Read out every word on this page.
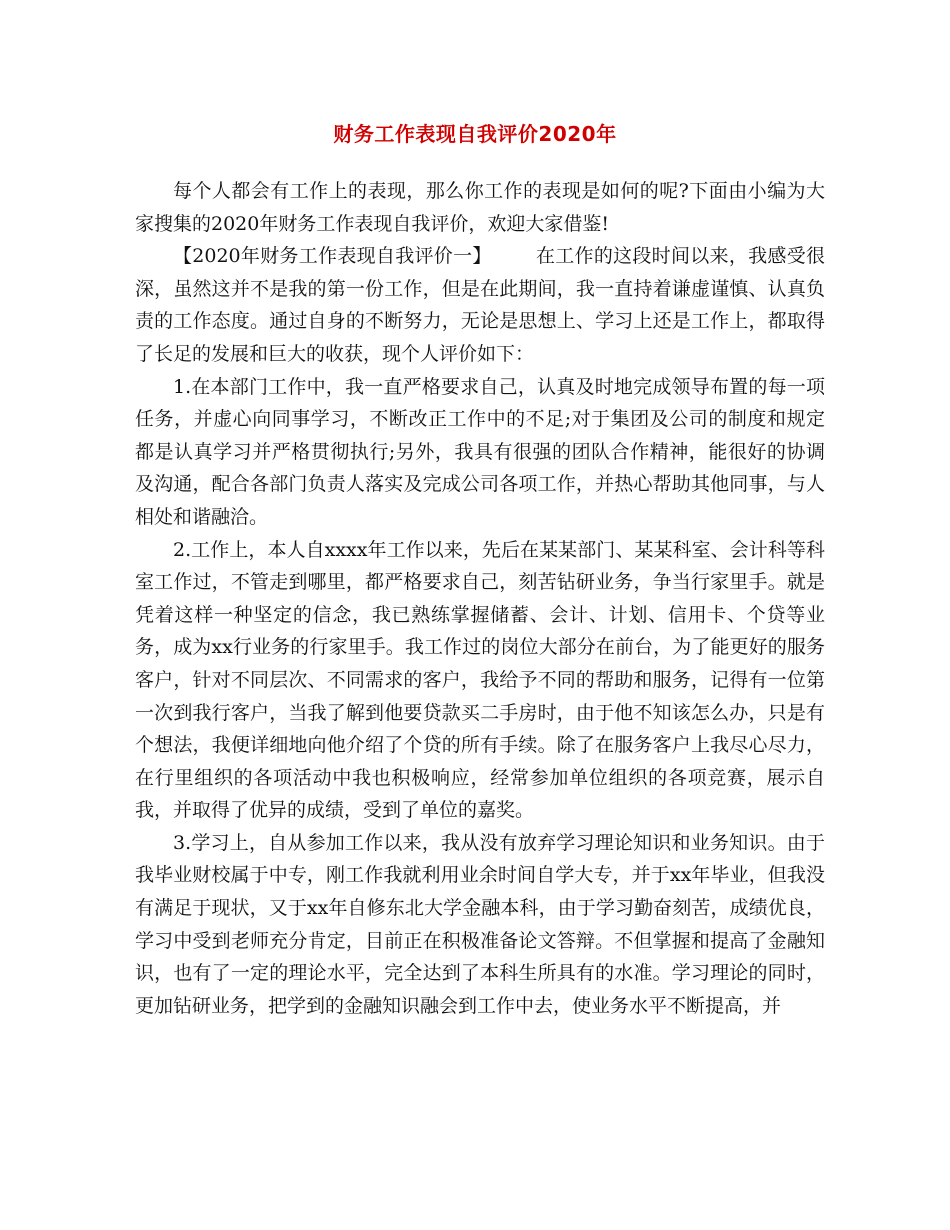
财务工作表现自我评价2020年

每个人都会有工作上的表现，那么你工作的表现是如何的呢?下面由小编为大家搜集的2020年财务工作表现自我评价，欢迎大家借鉴!

【2020年财务工作表现自我评价一】 在工作的这段时间以来，我感受很深，虽然这并不是我的第一份工作，但是在此期间，我一直持着谦虚谨慎、认真负责的工作态度。通过自身的不断努力，无论是思想上、学习上还是工作上，都取得了长足的发展和巨大的收获，现个人评价如下：

1.在本部门工作中，我一直严格要求自己，认真及时地完成领导布置的每一项任务，并虚心向同事学习，不断改正工作中的不足;对于集团及公司的制度和规定都是认真学习并严格贯彻执行;另外，我具有很强的团队合作精神，能很好的协调及沟通，配合各部门负责人落实及完成公司各项工作，并热心帮助其他同事，与人相处和谐融洽。

2.工作上，本人自xxxx年工作以来，先后在某某部门、某某科室、会计科等科室工作过，不管走到哪里，都严格要求自己，刻苦钻研业务，争当行家里手。就是凭着这样一种坚定的信念，我已熟练掌握储蓄、会计、计划、信用卡、个贷等业务，成为xx行业务的行家里手。我工作过的岗位大部分在前台，为了能更好的服务客户，针对不同层次、不同需求的客户，我给予不同的帮助和服务，记得有一位第一次到我行客户，当我了解到他要贷款买二手房时，由于他不知该怎么办，只是有个想法，我便详细地向他介绍了个贷的所有手续。除了在服务客户上我尽心尽力，在行里组织的各项活动中我也积极响应，经常参加单位组织的各项竞赛，展示自我，并取得了优异的成绩，受到了单位的嘉奖。

3.学习上，自从参加工作以来，我从没有放弃学习理论知识和业务知识。由于我毕业财校属于中专，刚工作我就利用业余时间自学大专，并于xx年毕业，但我没有满足于现状，又于xx年自修东北大学金融本科，由于学习勤奋刻苦，成绩优良，学习中受到老师充分肯定，目前正在积极准备论文答辩。不但掌握和提高了金融知识，也有了一定的理论水平，完全达到了本科生所具有的水准。学习理论的同时，更加钻研业务，把学到的金融知识融会到工作中去，使业务水平不断提高，并
